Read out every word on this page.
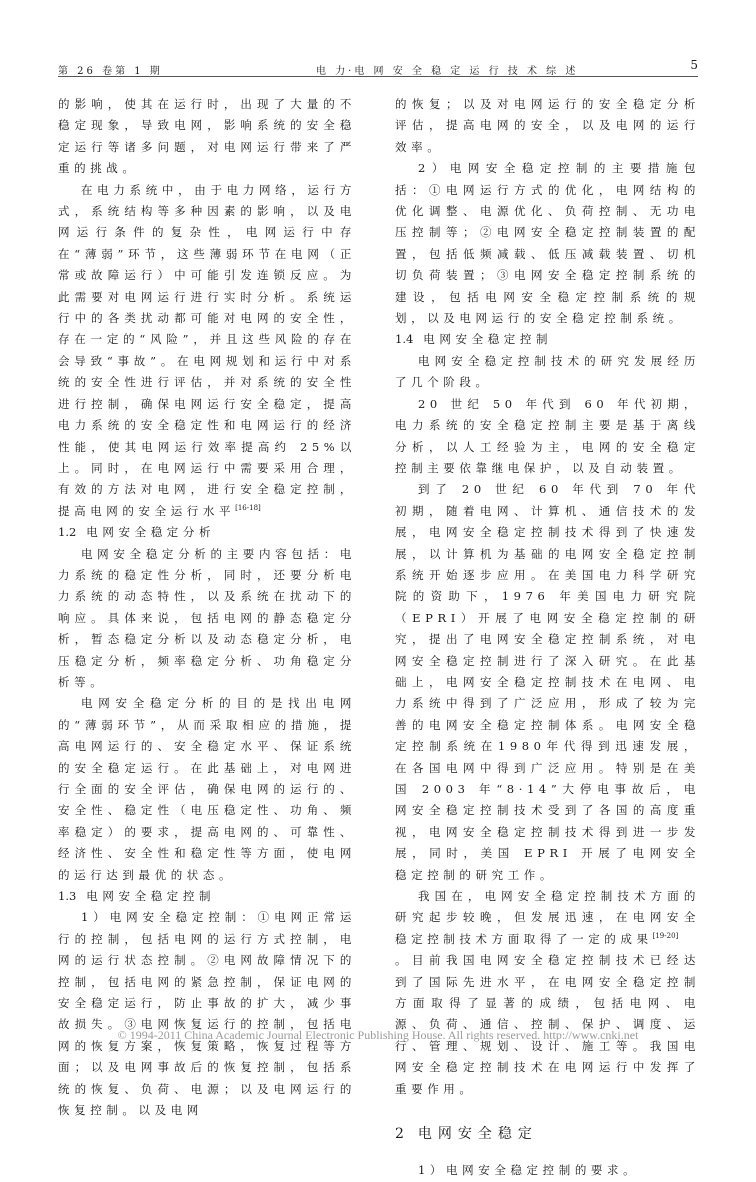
第 26 卷第 1 期	电 力·电 网 安 全 稳 定 运 行 技 术 综 述	5

的影响，使其在运行时，出现了大量的不稳定现象，导致电网，影响系统的安全稳定运行等诸多问题，对电网运行带来了严重的挑战。

在电力系统中，由于电力网络，运行方式，系统结构等多种因素的影响，以及电网运行条件的复杂性，电网运行中存在“薄弱”环节，这些薄弱环节在电网（正常或故障运行）中可能引发连锁反应。为此需要对电网运行进行实时分析。系统运行中的各类扰动都可能对电网的安全性，存在一定的“风险”，并且这些风险的存在会导致“事故”。在电网规划和运行中对系统的安全性进行评估，并对系统的安全性进行控制，确保电网运行安全稳定，提高电力系统的安全稳定性和电网运行的经济性能，使其电网运行效率提高约 25%以上。同时，在电网运行中需要采用合理，有效的方法对电网，进行安全稳定控制，提高电网的安全运行水平[16-18]

1.2 电网安全稳定分析

电网安全稳定分析的主要内容包括：电力系统的稳定性分析，同时，还要分析电力系统的动态特性，以及系统在扰动下的响应。具体来说，包括电网的静态稳定分析，暂态稳定分析以及动态稳定分析，电压稳定分析，频率稳定分析、功角稳定分析等。

电网安全稳定分析的目的是找出电网的“薄弱环节”，从而采取相应的措施，提高电网运行的、安全稳定水平、保证系统的安全稳定运行。在此基础上，对电网进行全面的安全评估，确保电网的运行的、安全性、稳定性（电压稳定性、功角、频率稳定）的要求，提高电网的、可靠性、经济性、安全性和稳定性等方面，使电网的运行达到最优的状态。

1.3 电网安全稳定控制

1）电网安全稳定控制：①电网正常运行的控制，包括电网的运行方式控制，电网的运行状态控制。②电网故障情况下的控制，包括电网的紧急控制，保证电网的安全稳定运行，防止事故的扩大，减少事故损失。③电网恢复运行的控制，包括电网的恢复方案，恢复策略，恢复过程等方面；以及电网事故后的恢复控制，包括系统的恢复、负荷、电源；以及电网运行的恢复控制。以及电网

的恢复；以及对电网运行的安全稳定分析评估，提高电网的安全，以及电网的运行效率。

2）电网安全稳定控制的主要措施包括：①电网运行方式的优化，电网结构的优化调整、电源优化、负荷控制、无功电压控制等；②电网安全稳定控制装置的配置，包括低频减载、低压减载装置、切机切负荷装置；③电网安全稳定控制系统的建设，包括电网安全稳定控制系统的规划，以及电网运行的安全稳定控制系统。

1.4 电网安全稳定控制

电网安全稳定控制技术的研究发展经历了几个阶段。

20 世纪 50 年代到 60 年代初期，电力系统的安全稳定控制主要是基于离线分析，以人工经验为主，电网的安全稳定控制主要依靠继电保护，以及自动装置。

到了 20 世纪 60 年代到 70 年代初期，随着电网、计算机、通信技术的发展，电网安全稳定控制技术得到了快速发展，以计算机为基础的电网安全稳定控制系统开始逐步应用。在美国电力科学研究院的资助下，1976 年美国电力研究院（EPRI）开展了电网安全稳定控制的研究，提出了电网安全稳定控制系统，对电网安全稳定控制进行了深入研究。在此基础上，电网安全稳定控制技术在电网、电力系统中得到了广泛应用，形成了较为完善的电网安全稳定控制体系。电网安全稳定控制系统在1980年代得到迅速发展，在各国电网中得到广泛应用。特别是在美国 2003 年“8·14”大停电事故后，电网安全稳定控制技术受到了各国的高度重视，电网安全稳定控制技术得到进一步发展，同时，美国 EPRI 开展了电网安全稳定控制的研究工作。

我国在，电网安全稳定控制技术方面的研究起步较晚，但发展迅速，在电网安全稳定控制技术方面取得了一定的成果[19-20]

。目前我国电网安全稳定控制技术已经达到了国际先进水平，在电网安全稳定控制方面取得了显著的成绩，包括电网、电源、负荷、通信、控制、保护、调度、运行、管理、规划、设计、施工等。我国电网安全稳定控制技术在电网运行中发挥了重要作用。

2 电网安全稳定

1）电网安全稳定控制的要求。

© 1994-2011 China Academic Journal Electronic Publishing House. All rights reserved. http://www.cnki.net
